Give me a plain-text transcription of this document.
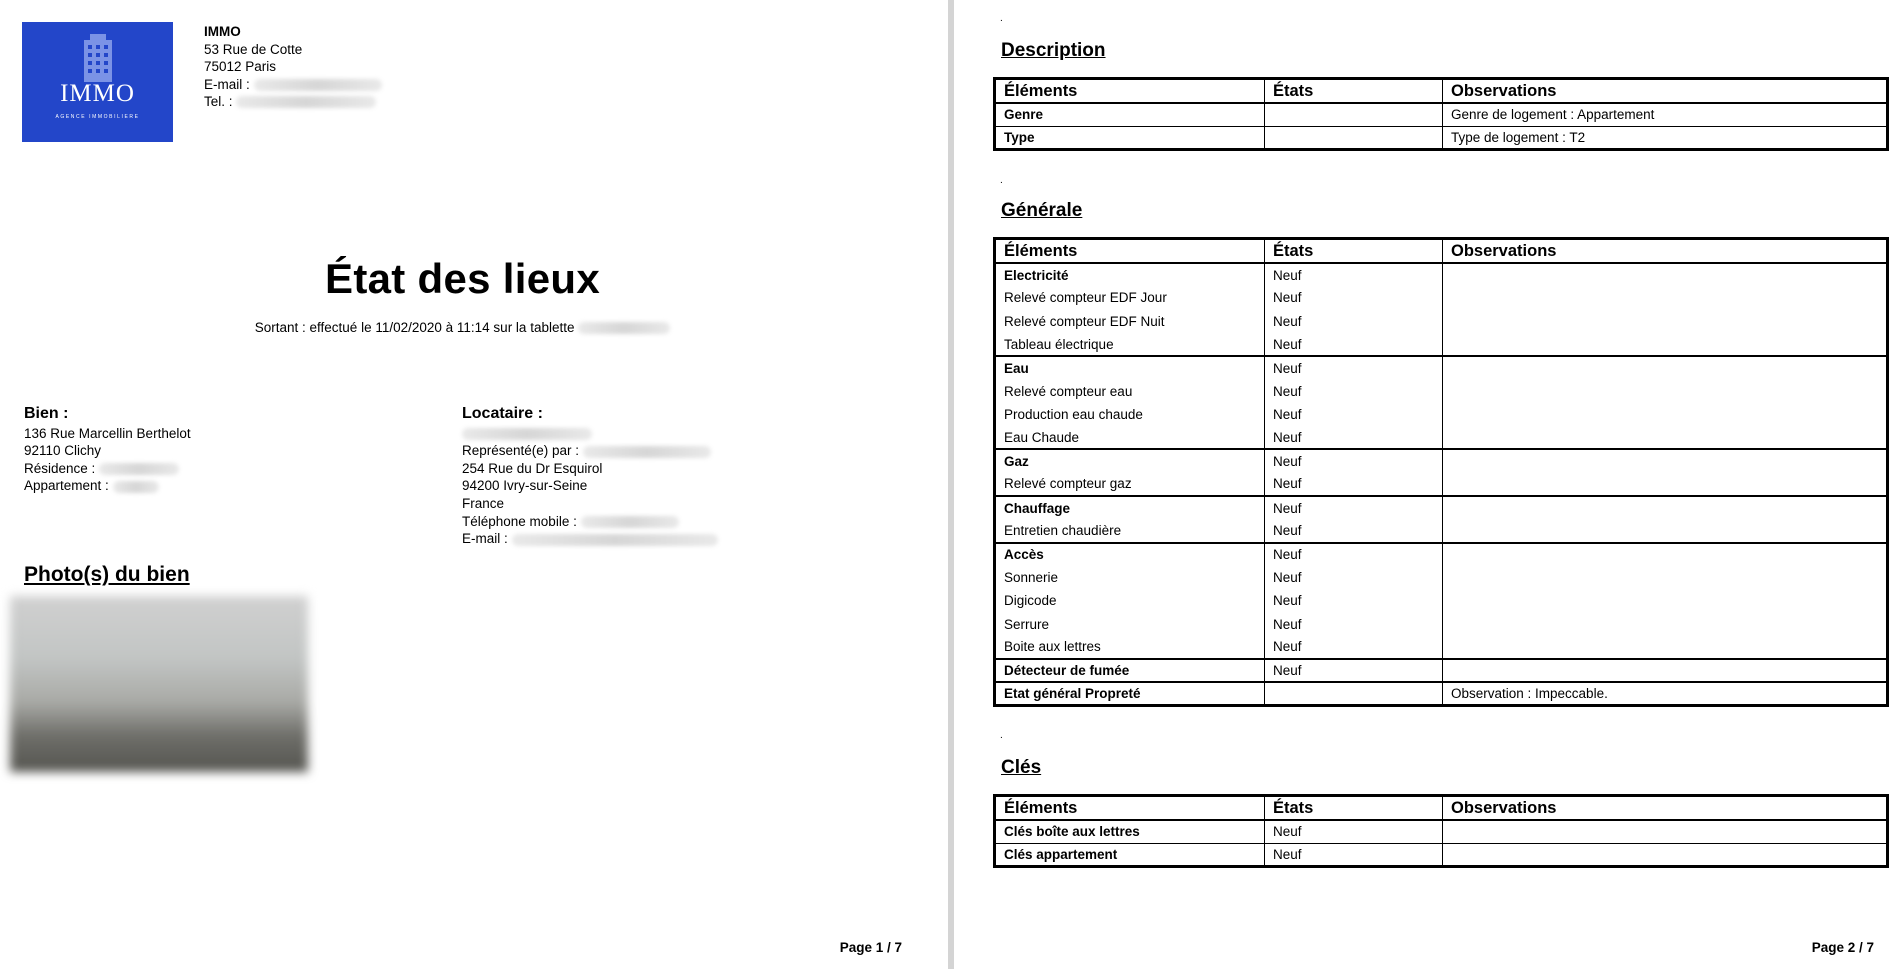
IMMO
AGENCE IMMOBILIERE
IMMO
53 Rue de Cotte
75012 Paris
E-mail :
Tel. :
État des lieux
Sortant : effectué le 11/02/2020 à 11:14 sur la tablette
Bien :
136 Rue Marcellin Berthelot
92110 Clichy
Résidence :
Appartement :
Locataire :
Représenté(e) par :
254 Rue du Dr Esquirol
94200 Ivry-sur-Seine
France
Téléphone mobile :
E-mail :
Photo(s) du bien
Page 1 / 7
.
Description
Éléments	États	Observations
Genre		Genre de logement : Appartement
Type		Type de logement : T2
.
Générale
Éléments	États	Observations
Electricité	Neuf	
Relevé compteur EDF Jour	Neuf	
Relevé compteur EDF Nuit	Neuf	
Tableau électrique	Neuf	
Eau	Neuf	
Relevé compteur eau	Neuf	
Production eau chaude	Neuf	
Eau Chaude	Neuf	
Gaz	Neuf	
Relevé compteur gaz	Neuf	
Chauffage	Neuf	
Entretien chaudière	Neuf	
Accès	Neuf	
Sonnerie	Neuf	
Digicode	Neuf	
Serrure	Neuf	
Boite aux lettres	Neuf	
Détecteur de fumée	Neuf	
Etat général Propreté		Observation : Impeccable.
.
Clés
Éléments	États	Observations
Clés boîte aux lettres	Neuf	
Clés appartement	Neuf	
Page 2 / 7
